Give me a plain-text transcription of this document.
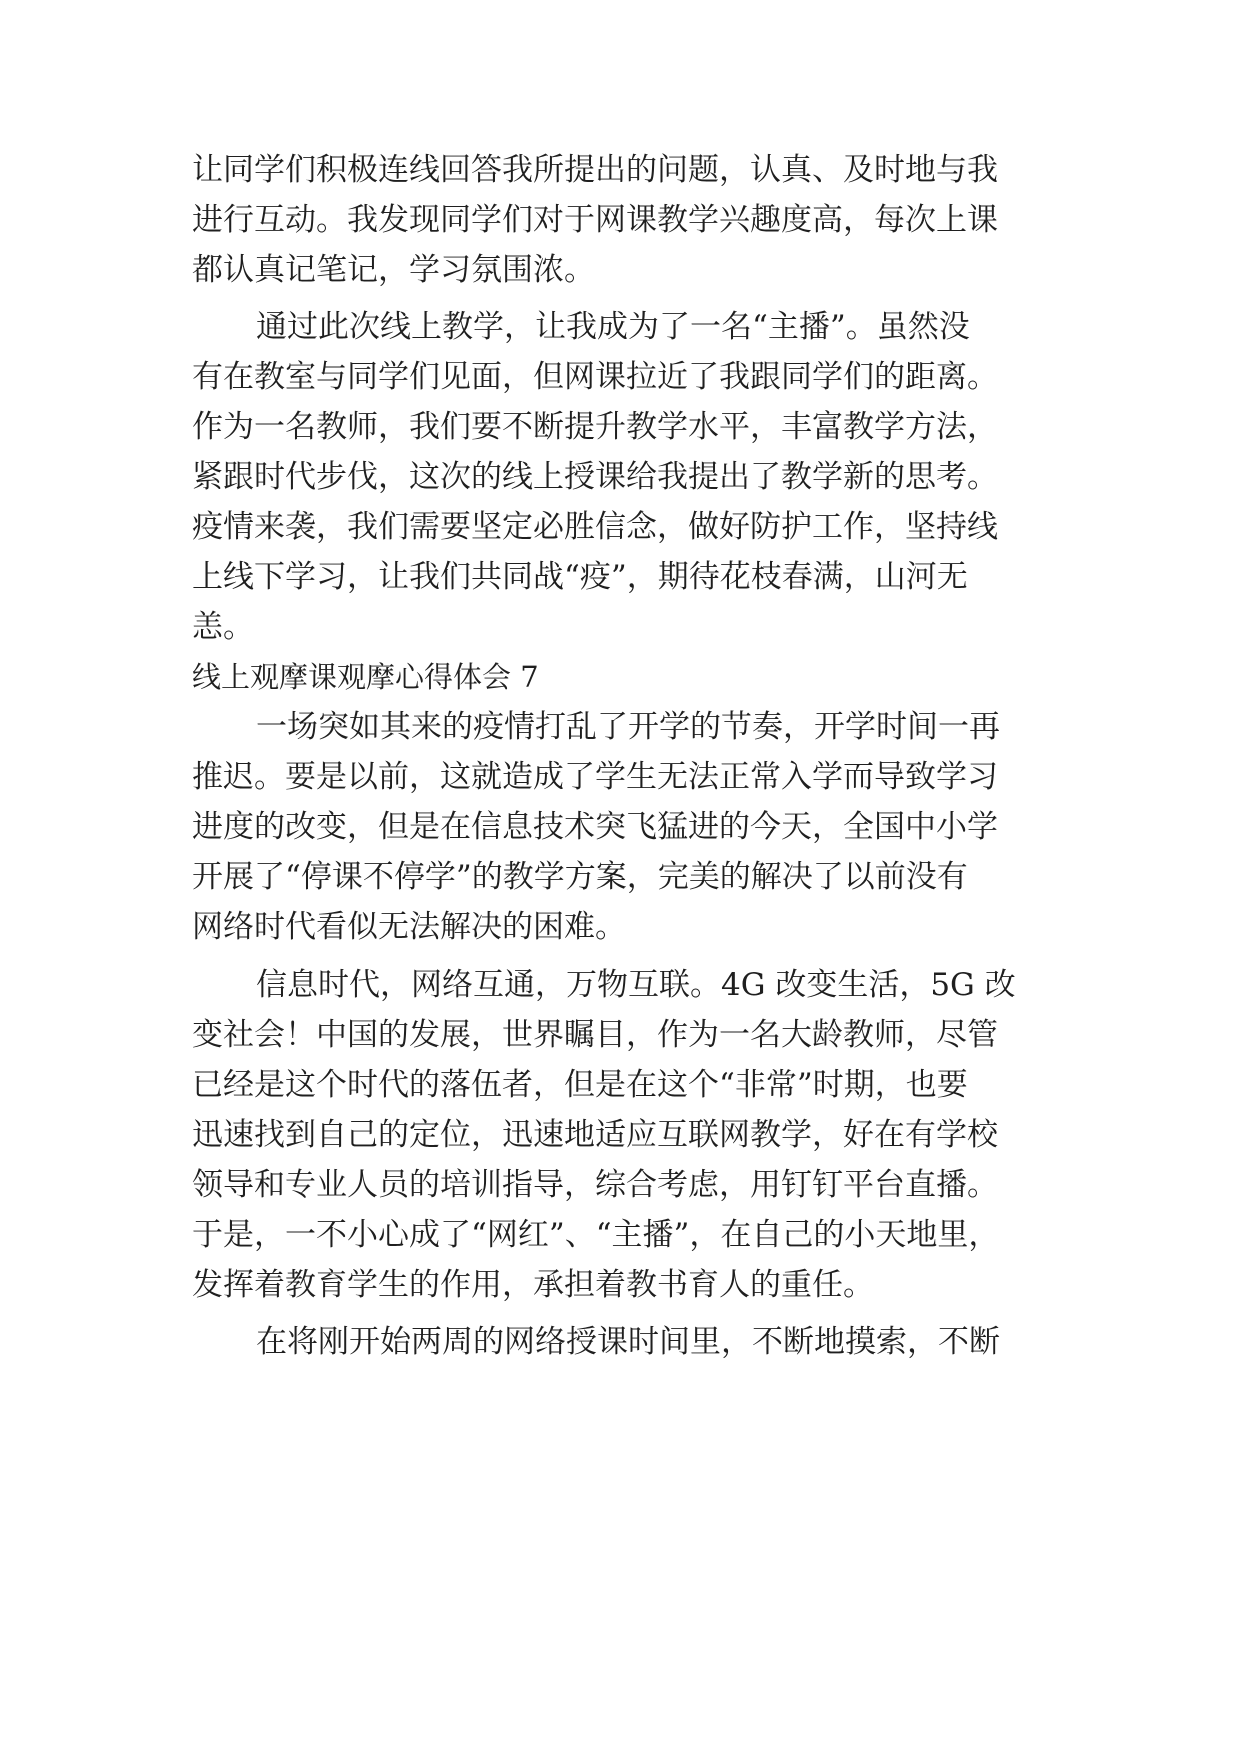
让同学们积极连线回答我所提出的问题，认真、及时地与我

进行互动。我发现同学们对于网课教学兴趣度高，每次上课

都认真记笔记，学习氛围浓。

通过此次线上教学，让我成为了一名“主播”。虽然没

有在教室与同学们见面，但网课拉近了我跟同学们的距离。

作为一名教师，我们要不断提升教学水平，丰富教学方法，

紧跟时代步伐，这次的线上授课给我提出了教学新的思考。

疫情来袭，我们需要坚定必胜信念，做好防护工作，坚持线

上线下学习，让我们共同战“疫”，期待花枝春满，山河无

恙。

线上观摩课观摩心得体会 7

一场突如其来的疫情打乱了开学的节奏，开学时间一再

推迟。要是以前，这就造成了学生无法正常入学而导致学习

进度的改变，但是在信息技术突飞猛进的今天，全国中小学

开展了“停课不停学”的教学方案，完美的解决了以前没有

网络时代看似无法解决的困难。

信息时代，网络互通，万物互联。4G 改变生活，5G 改

变社会！中国的发展，世界瞩目，作为一名大龄教师，尽管

已经是这个时代的落伍者，但是在这个“非常”时期，也要

迅速找到自己的定位，迅速地适应互联网教学，好在有学校

领导和专业人员的培训指导，综合考虑，用钉钉平台直播。

于是，一不小心成了“网红”、“主播”，在自己的小天地里，

发挥着教育学生的作用，承担着教书育人的重任。

在将刚开始两周的网络授课时间里，不断地摸索，不断
